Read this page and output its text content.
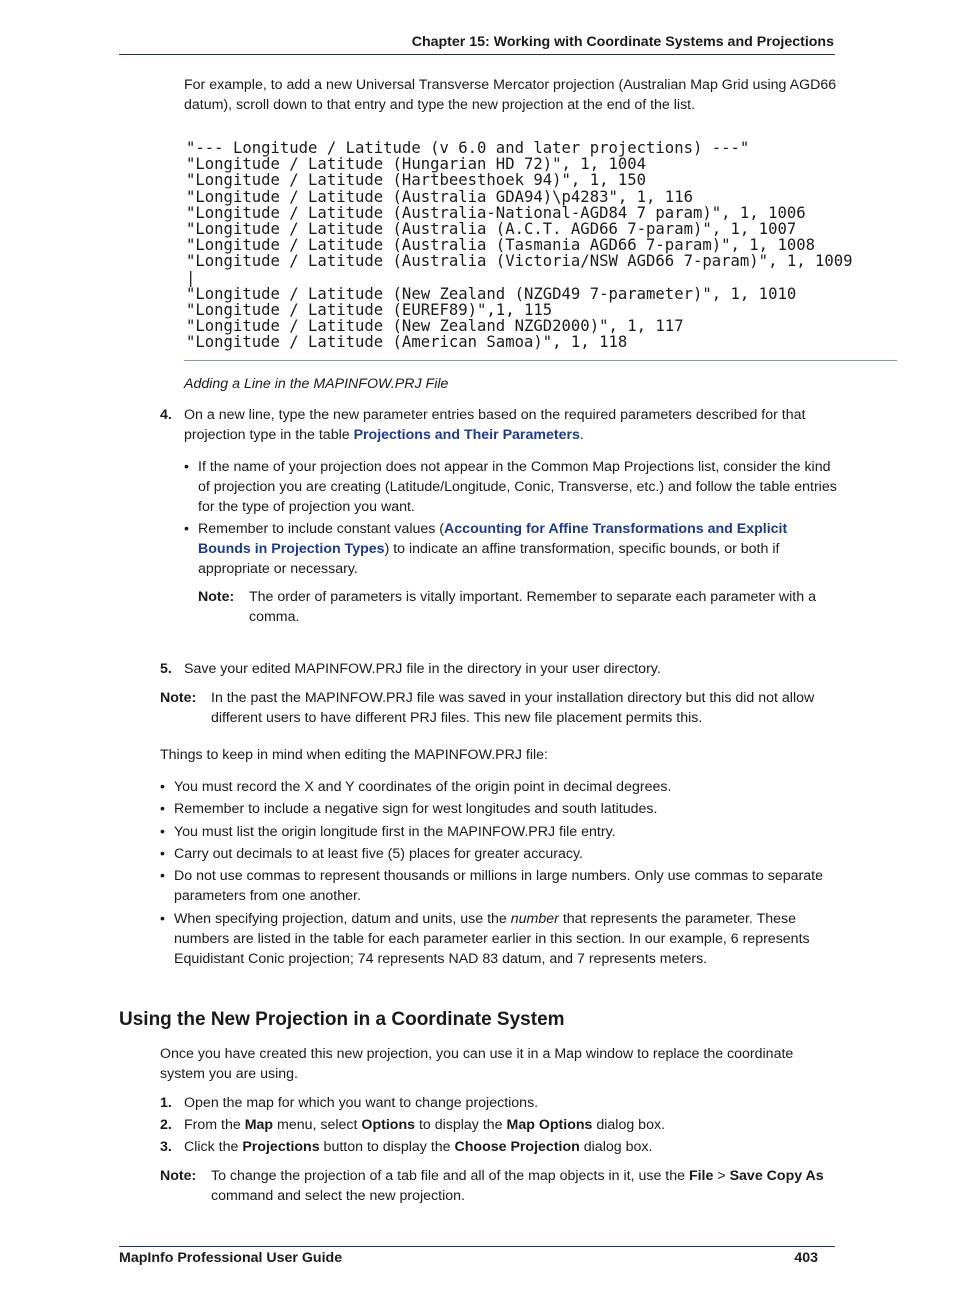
Chapter 15: Working with Coordinate Systems and Projections
For example, to add a new Universal Transverse Mercator projection (Australian Map Grid using AGD66 datum), scroll down to that entry and type the new projection at the end of the list.
"--- Longitude / Latitude (v 6.0 and later projections) ---"
"Longitude / Latitude (Hungarian HD 72)", 1, 1004
"Longitude / Latitude (Hartbeesthoek 94)", 1, 150
"Longitude / Latitude (Australia GDA94)\p4283", 1, 116
"Longitude / Latitude (Australia-National-AGD84 7 param)", 1, 1006
"Longitude / Latitude (Australia (A.C.T. AGD66 7-param)", 1, 1007
"Longitude / Latitude (Australia (Tasmania AGD66 7-param)", 1, 1008
"Longitude / Latitude (Australia (Victoria/NSW AGD66 7-param)", 1, 1009
|
"Longitude / Latitude (New Zealand (NZGD49 7-parameter)", 1, 1010
"Longitude / Latitude (EUREF89)",1, 115
"Longitude / Latitude (New Zealand NZGD2000)", 1, 117
"Longitude / Latitude (American Samoa)", 1, 118
Adding a Line in the MAPINFOW.PRJ File
4. On a new line, type the new parameter entries based on the required parameters described for that projection type in the table Projections and Their Parameters.
• If the name of your projection does not appear in the Common Map Projections list, consider the kind of projection you are creating (Latitude/Longitude, Conic, Transverse, etc.) and follow the table entries for the type of projection you want.
• Remember to include constant values (Accounting for Affine Transformations and Explicit Bounds in Projection Types) to indicate an affine transformation, specific bounds, or both if appropriate or necessary.
Note: The order of parameters is vitally important. Remember to separate each parameter with a comma.
5. Save your edited MAPINFOW.PRJ file in the directory in your user directory.
Note: In the past the MAPINFOW.PRJ file was saved in your installation directory but this did not allow different users to have different PRJ files. This new file placement permits this.
Things to keep in mind when editing the MAPINFOW.PRJ file:
• You must record the X and Y coordinates of the origin point in decimal degrees.
• Remember to include a negative sign for west longitudes and south latitudes.
• You must list the origin longitude first in the MAPINFOW.PRJ file entry.
• Carry out decimals to at least five (5) places for greater accuracy.
• Do not use commas to represent thousands or millions in large numbers. Only use commas to separate parameters from one another.
• When specifying projection, datum and units, use the number that represents the parameter. These numbers are listed in the table for each parameter earlier in this section. In our example, 6 represents Equidistant Conic projection; 74 represents NAD 83 datum, and 7 represents meters.
Using the New Projection in a Coordinate System
Once you have created this new projection, you can use it in a Map window to replace the coordinate system you are using.
1. Open the map for which you want to change projections.
2. From the Map menu, select Options to display the Map Options dialog box.
3. Click the Projections button to display the Choose Projection dialog box.
Note: To change the projection of a tab file and all of the map objects in it, use the File > Save Copy As command and select the new projection.
MapInfo Professional User Guide	403
